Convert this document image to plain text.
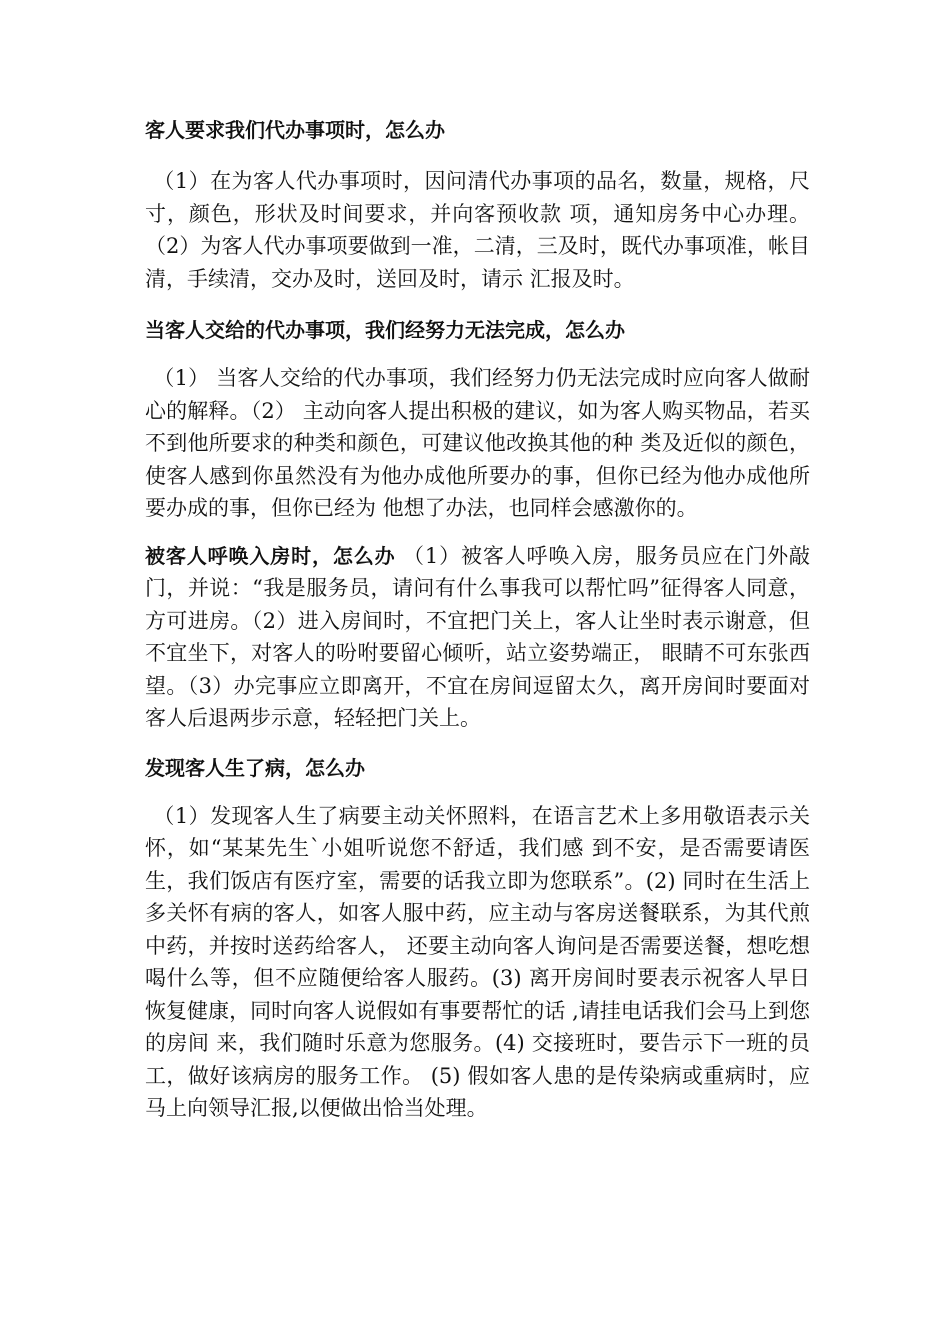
客人要求我们代办事项时，怎么办

（1）在为客人代办事项时，因问清代办事项的品名，数量，规格，尺寸，颜色，形状及时间要求，并向客预收款 项，通知房务中心办理。（2）为客人代办事项要做到一准，二清，三及时，既代办事项准，帐目清，手续清，交办及时，送回及时，请示 汇报及时。

当客人交给的代办事项，我们经努力无法完成，怎么办

（1） 当客人交给的代办事项，我们经努力仍无法完成时应向客人做耐心的解释。（2） 主动向客人提出积极的建议，如为客人购买物品，若买不到他所要求的种类和颜色，可建议他改换其他的种 类及近似的颜色，使客人感到你虽然没有为他办成他所要办的事，但你已经为他办成他所要办成的事，但你已经为 他想了办法，也同样会感激你的。

被客人呼唤入房时，怎么办 （1）被客人呼唤入房，服务员应在门外敲门，并说：“我是服务员，请问有什么事我可以帮忙吗”征得客人同意， 方可进房。（2）进入房间时，不宜把门关上，客人让坐时表示谢意，但不宜坐下，对客人的吩咐要留心倾听，站立姿势端正， 眼睛不可东张西望。（3）办完事应立即离开，不宜在房间逗留太久，离开房间时要面对客人后退两步示意，轻轻把门关上。

发现客人生了病，怎么办

（1）发现客人生了病要主动关怀照料，在语言艺术上多用敬语表示关怀，如“某某先生`小姐听说您不舒适，我们感 到不安，是否需要请医生，我们饭店有医疗室，需要的话我立即为您联系”。(2) 同时在生活上多关怀有病的客人，如客人服中药，应主动与客房送餐联系，为其代煎中药，并按时送药给客人， 还要主动向客人询问是否需要送餐，想吃想喝什么等，但不应随便给客人服药。(3) 离开房间时要表示祝客人早日恢复健康，同时向客人说假如有事要帮忙的话 ,请挂电话我们会马上到您的房间 来，我们随时乐意为您服务。(4) 交接班时，要告示下一班的员工，做好该病房的服务工作。 (5) 假如客人患的是传染病或重病时，应马上向领导汇报,以便做出恰当处理。
